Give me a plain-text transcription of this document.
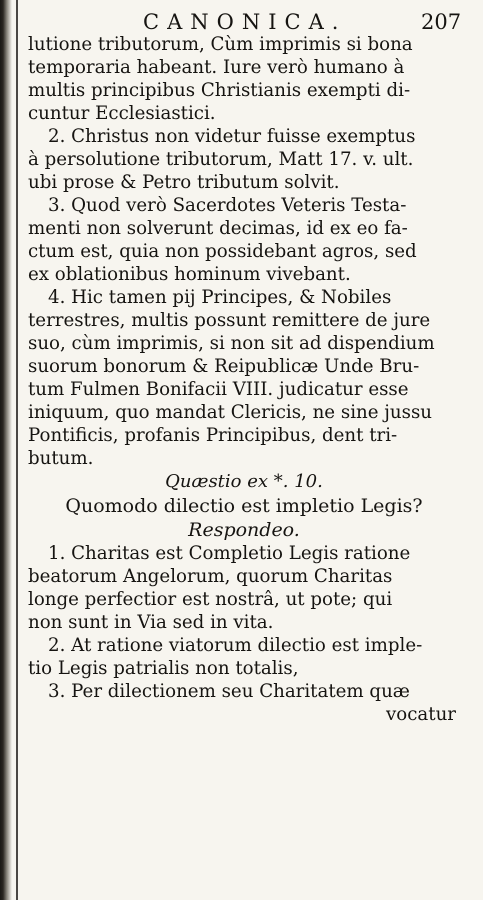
CANONICA.	207
lutione tributorum, Cùm imprimis si bona
temporaria habeant. Iure verò humano à
multis principibus Christianis exempti di-
cuntur Ecclesiastici.
2. Christus non videtur fuisse exemptus
à persolutione tributorum, Matt 17. v. ult.
ubi prose & Petro tributum solvit.
3. Quod verò Sacerdotes Veteris Testa-
menti non solverunt decimas, id ex eo fa-
ctum est, quia non possidebant agros, sed
ex oblationibus hominum vivebant.
4. Hic tamen pij Principes, & Nobiles
terrestres, multis possunt remittere de jure
suo, cùm imprimis, si non sit ad dispendium
suorum bonorum & Reipublicæ Unde Bru-
tum Fulmen Bonifacii VIII. judicatur esse
iniquum, quo mandat Clericis, ne sine jussu
Pontificis, profanis Principibus, dent tri-
butum.
Quæstio ex *. 10.
Quomodo dilectio est impletio Legis?
Respondeo.
1. Charitas est Completio Legis ratione
beatorum Angelorum, quorum Charitas
longe perfectior est nostrâ, ut pote; qui
non sunt in Via sed in vita.
2. At ratione viatorum dilectio est imple-
tio Legis patrialis non totalis,
3. Per dilectionem seu Charitatem quæ
vocatur
